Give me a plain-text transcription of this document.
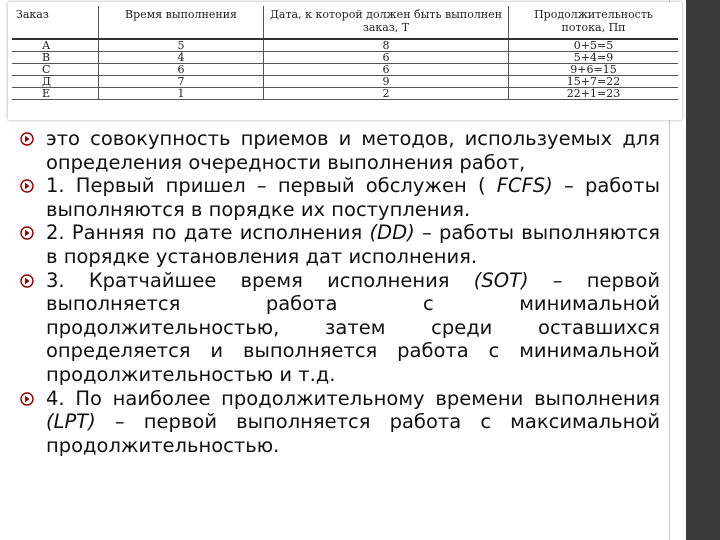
Заказ	Время выполнения	Дата, к которой должен быть выполнен заказ, T	Продолжительность потока, Пп
А	5	8	0+5=5
В	4	6	5+4=9
С	6	6	9+6=15
Д	7	9	15+7=22
Е	1	2	22+1=23
это совокупность приемов и методов, используемых для определения очередности выполнения работ,
1. Первый пришел – первый обслужен ( FCFS) – работы выполняются в порядке их поступления.
2. Ранняя по дате исполнения (DD) – работы выполняются в порядке установления дат исполнения.
3. Кратчайшее время исполнения (SOT) – первой выполняется работа с минимальной продолжительностью, затем среди оставшихся определяется и выполняется работа с минимальной продолжительностью и т.д.
4. По наиболее продолжительному времени выполнения (LPT) – первой выполняется работа с максимальной продолжительностью.
